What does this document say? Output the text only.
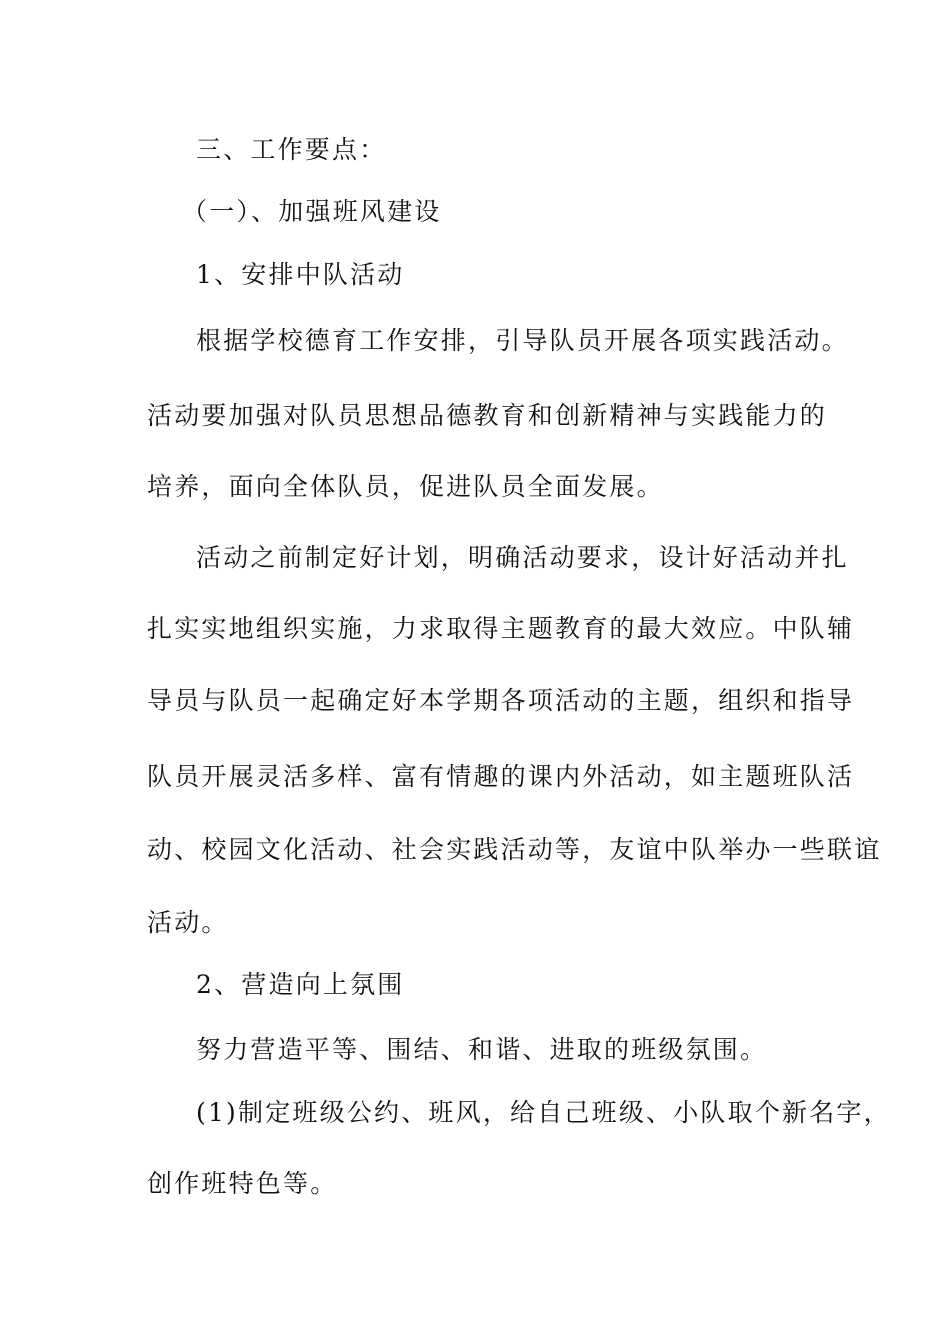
三、工作要点：
（一）、加强班风建设
1、安排中队活动
根据学校德育工作安排，引导队员开展各项实践活动。
活动要加强对队员思想品德教育和创新精神与实践能力的
培养，面向全体队员，促进队员全面发展。
活动之前制定好计划，明确活动要求，设计好活动并扎
扎实实地组织实施，力求取得主题教育的最大效应。中队辅
导员与队员一起确定好本学期各项活动的主题，组织和指导
队员开展灵活多样、富有情趣的课内外活动，如主题班队活
动、校园文化活动、社会实践活动等，友谊中队举办一些联谊
活动。
2、营造向上氛围
努力营造平等、围结、和谐、进取的班级氛围。
(1)制定班级公约、班风，给自己班级、小队取个新名字，
创作班特色等。
